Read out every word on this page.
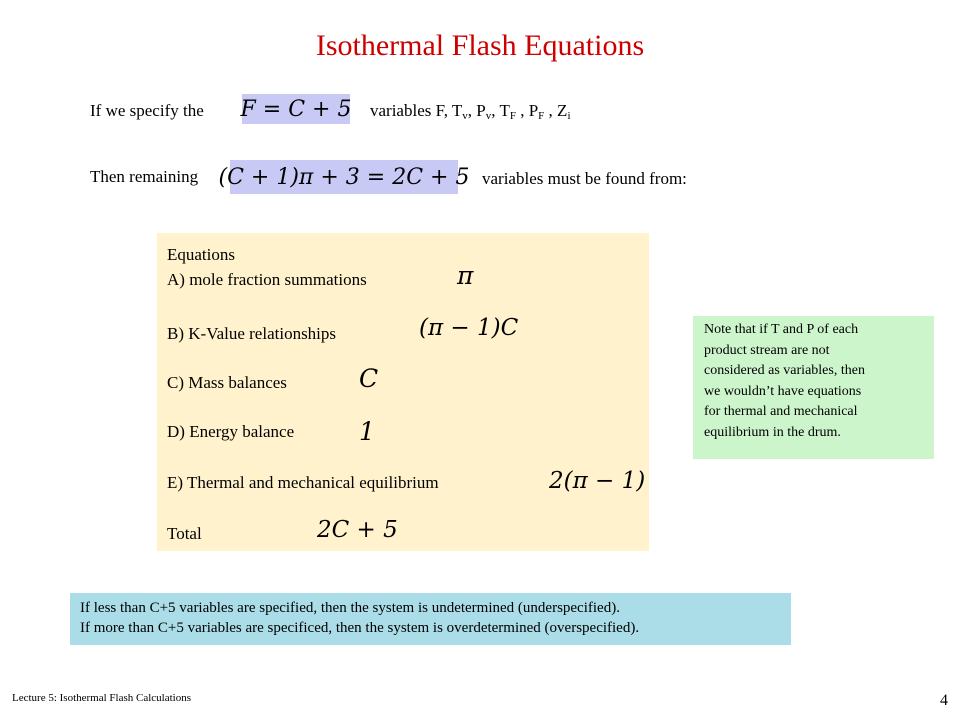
Isothermal Flash Equations
If we specify the F = C + 5 variables F, $T_v$, $P_v$, $T_F$ , $P_F$ , $Z_i$
Then remaining (C + 1)π + 3 = 2C + 5 variables must be found from:
Equations
A) mole fraction summations
B) K-Value relationships
C) Mass balances
D) Energy balance
E) Thermal and mechanical equilibrium
Total
π
(π − 1)C
C
1
2(π − 1)
2C + 5
Note that if T and P of each
product stream are not
considered as variables, then
we wouldn’t have equations
for thermal and mechanical
equilibrium in the drum.
If less than C+5 variables are specified, then the system is undetermined (underspecified).
If more than C+5 variables are specificed, then the system is overdetermined (overspecified).
Lecture 5: Isothermal Flash Calculations	4
